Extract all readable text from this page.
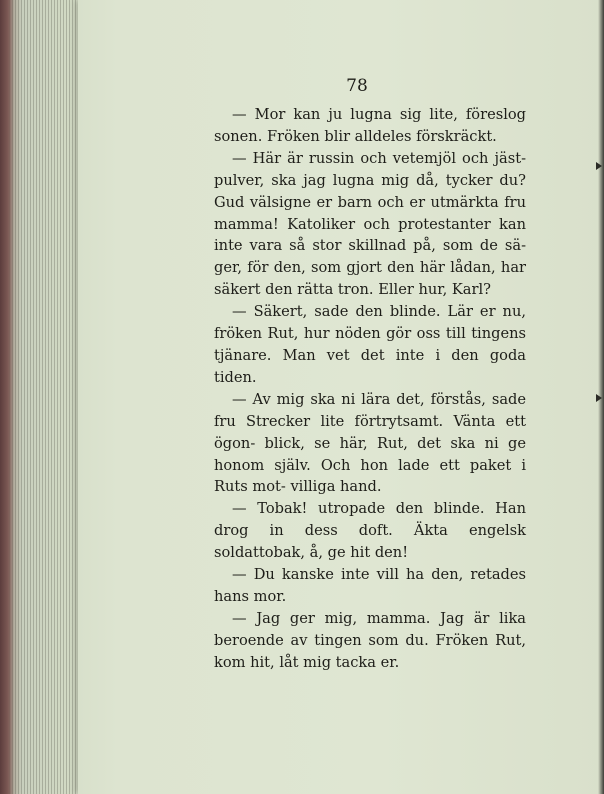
78

— Mor kan ju lugna sig lite, föreslog sonen. Fröken blir alldeles förskräckt.

— Här är russin och vetemjöl och jäst- pulver, ska jag lugna mig då, tycker du? Gud välsigne er barn och er utmärkta fru mamma! Katoliker och protestanter kan inte vara så stor skillnad på, som de sä- ger, för den, som gjort den här lådan, har säkert den rätta tron. Eller hur, Karl?

— Säkert, sade den blinde. Lär er nu, fröken Rut, hur nöden gör oss till tingens tjänare. Man vet det inte i den goda tiden.

— Av mig ska ni lära det, förstås, sade fru Strecker lite förtrytsamt. Vänta ett ögon- blick, se här, Rut, det ska ni ge honom själv. Och hon lade ett paket i Ruts mot- villiga hand.

— Tobak! utropade den blinde. Han drog in dess doft. Äkta engelsk soldattobak, å, ge hit den!

— Du kanske inte vill ha den, retades hans mor.

— Jag ger mig, mamma. Jag är lika beroende av tingen som du. Fröken Rut, kom hit, låt mig tacka er.
